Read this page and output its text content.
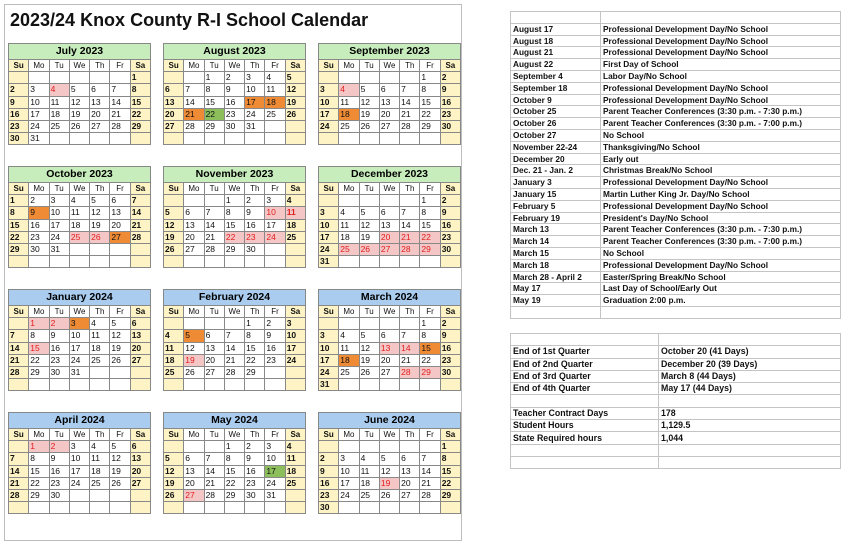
2023/24 Knox County R-I School Calendar
July 2023
Su	Mo	Tu	We	Th	Fr	Sa
						1
2	3	4	5	6	7	8
9	10	11	12	13	14	15
16	17	18	19	20	21	22
23	24	25	26	27	28	29
30	31					
August 2023
Su	Mo	Tu	We	Th	Fr	Sa
		1	2	3	4	5
6	7	8	9	10	11	12
13	14	15	16	17	18	19
20	21	22	23	24	25	26
27	28	29	30	31		

September 2023
Su	Mo	Tu	We	Th	Fr	Sa
					1	2
3	4	5	6	7	8	9
10	11	12	13	14	15	16
17	18	19	20	21	22	23
24	25	26	27	28	29	30

October 2023
Su	Mo	Tu	We	Th	Fr	Sa
1	2	3	4	5	6	7
8	9	10	11	12	13	14
15	16	17	18	19	20	21
22	23	24	25	26	27	28
29	30	31				

November 2023
Su	Mo	Tu	We	Th	Fr	Sa
			1	2	3	4
5	6	7	8	9	10	11
12	13	14	15	16	17	18
19	20	21	22	23	24	25
26	27	28	29	30		

December 2023
Su	Mo	Tu	We	Th	Fr	Sa
					1	2
3	4	5	6	7	8	9
10	11	12	13	14	15	16
17	18	19	20	21	22	23
24	25	26	27	28	29	30
31						
January 2024
Su	Mo	Tu	We	Th	Fr	Sa
	1	2	3	4	5	6
7	8	9	10	11	12	13
14	15	16	17	18	19	20
21	22	23	24	25	26	27
28	29	30	31			

February 2024
Su	Mo	Tu	We	Th	Fr	Sa
				1	2	3
4	5	6	7	8	9	10
11	12	13	14	15	16	17
18	19	20	21	22	23	24
25	26	27	28	29		

March 2024
Su	Mo	Tu	We	Th	Fr	Sa
					1	2
3	4	5	6	7	8	9
10	11	12	13	14	15	16
17	18	19	20	21	22	23
24	25	26	27	28	29	30
31						
April 2024
Su	Mo	Tu	We	Th	Fr	Sa
	1	2	3	4	5	6
7	8	9	10	11	12	13
14	15	16	17	18	19	20
21	22	23	24	25	26	27
28	29	30				

May 2024
Su	Mo	Tu	We	Th	Fr	Sa
			1	2	3	4
5	6	7	8	9	10	11
12	13	14	15	16	17	18
19	20	21	22	23	24	25
26	27	28	29	30	31	

June 2024
Su	Mo	Tu	We	Th	Fr	Sa
						1
2	3	4	5	6	7	8
9	10	11	12	13	14	15
16	17	18	19	20	21	22
23	24	25	26	27	28	29
30						

August 17	Professional Development Day/No School
August 18	Professional Development Day/No School
August 21	Professional Development Day/No School
August 22	First Day of School
September 4	Labor Day/No School
September 18	Professional Development Day/No School
October 9	Professional Development Day/No School
October 25	Parent Teacher Conferences (3:30 p.m. - 7:30 p.m.)
October 26	Parent Teacher Conferences (3:30 p.m. - 7:00 p.m.)
October 27	No School
November 22-24	Thanksgiving/No School
December 20	Early out
Dec. 21 - Jan. 2	Christmas Break/No School
January 3	Professional Development Day/No School
January 15	Martin Luther King Jr. Day/No School
February 5	Professional Development Day/No School
February 19	President's Day/No School
March 13	Parent Teacher Conferences (3:30 p.m. - 7:30 p.m.)
March 14	Parent Teacher Conferences (3:30 p.m. - 7:00 p.m.)
March 15	No School
March 18	Professional Development Day/No School
March 28 - April 2	Easter/Spring Break/No School
May 17	Last Day of School/Early Out
May 19	Graduation 2:00 p.m.

End of 1st Quarter	October 20 (41 Days)
End of 2nd Quarter	December 20 (39 Days)
End of 3rd Quarter	March 8 (44 Days)
End of 4th Quarter	May 17 (44 Days)

Teacher Contract Days	178
Student Hours	1,129.5
State Required hours	1,044
